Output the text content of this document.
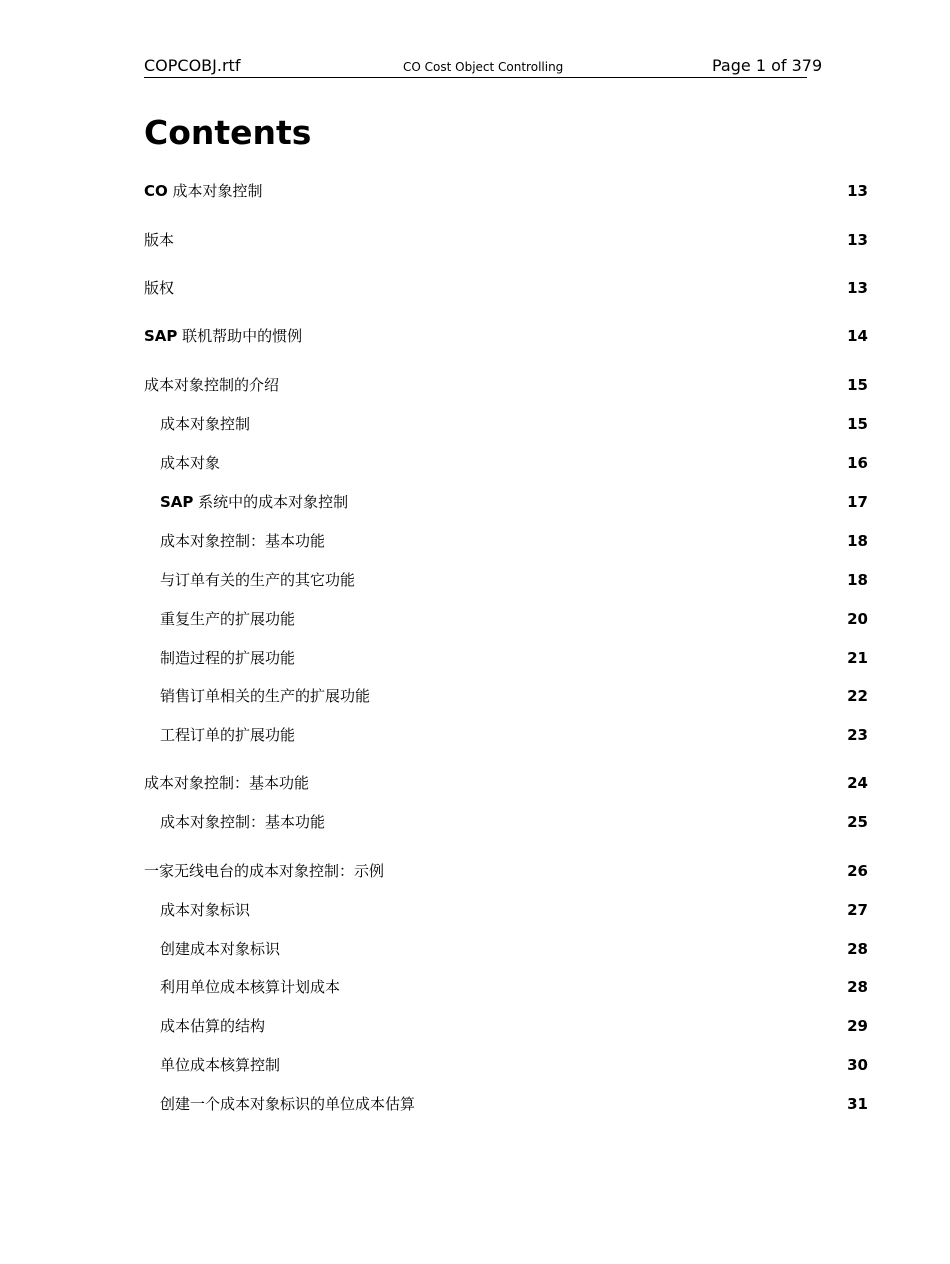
COPCOBJ.rtf	CO Cost Object Controlling	Page 1 of 379
Contents
CO 成本对象控制	13
版本	13
版权	13
SAP 联机帮助中的惯例	14
成本对象控制的介绍	15
成本对象控制	15
成本对象	16
SAP 系统中的成本对象控制	17
成本对象控制：基本功能	18
与订单有关的生产的其它功能	18
重复生产的扩展功能	20
制造过程的扩展功能	21
销售订单相关的生产的扩展功能	22
工程订单的扩展功能	23
成本对象控制：基本功能	24
成本对象控制：基本功能	25
一家无线电台的成本对象控制：示例	26
成本对象标识	27
创建成本对象标识	28
利用单位成本核算计划成本	28
成本估算的结构	29
单位成本核算控制	30
创建一个成本对象标识的单位成本估算	31
